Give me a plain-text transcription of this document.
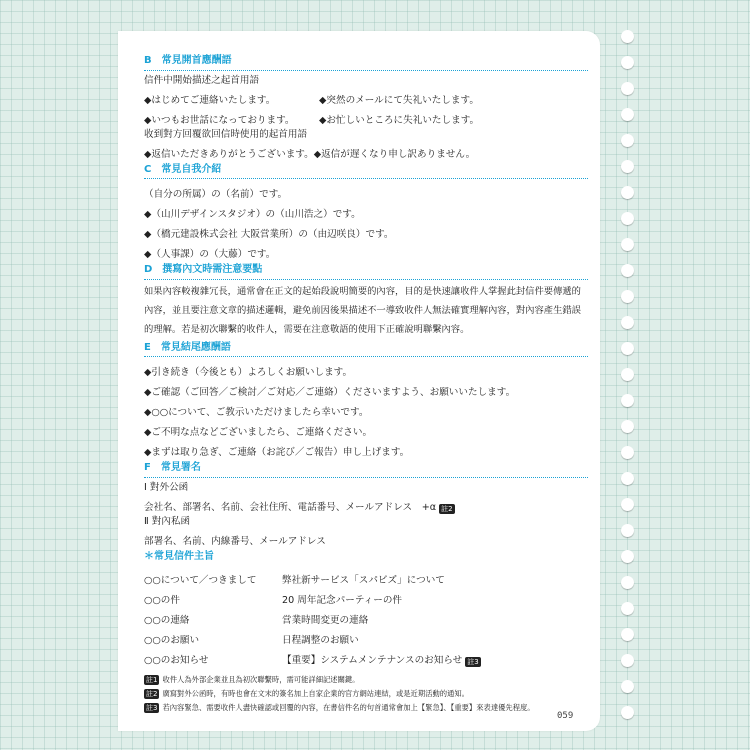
B　常見開首應酬語
信件中開始描述之起首用語
◆はじめてご連絡いたします。	◆突然のメールにて失礼いたします。
◆いつもお世話になっております。	◆お忙しいところに失礼いたします。
收到對方回覆欲回信時使用的起首用語
◆返信いただきありがとうございます。◆返信が遅くなり申し訳ありません。
C　常見自我介紹
（自分の所属）の（名前）です。
◆（山川デザインスタジオ）の（山川浩之）です。
◆（橋元建設株式会社 大阪営業所）の（由辺咲良）です。
◆（人事課）の（大藤）です。
D　撰寫內文時需注意要點
如果內容較複雜冗長，通常會在正文的起始段說明簡要的內容，目的是快速讓收件人掌握此封信件要傳遞的內容，並且要注意文章的描述邏輯，避免前因後果描述不一導致收件人無法確實理解內容，對內容產生錯誤的理解。若是初次聯繫的收件人，需要在注意敬語的使用下正確說明聯繫內容。
E　常見結尾應酬語
◆引き続き（今後とも）よろしくお願いします。
◆ご確認（ご回答／ご検討／ご対応／ご連絡）くださいますよう、お願いいたします。
◆○○について、ご教示いただけましたら幸いです。
◆ご不明な点などございましたら、ご連絡ください。
◆まずは取り急ぎ、ご連絡（お詫び／ご報告）申し上げます。
F　常見署名
Ⅰ 對外公函
会社名、部署名、名前、会社住所、電話番号、メールアドレス　+α 註2
Ⅱ 對內私函
部署名、名前、内線番号、メールアドレス
＊常見信件主旨
○○について／つきまして	弊社新サービス「スパビズ」について
○○の件	20 周年記念パーティーの件
○○の連絡	営業時間変更の連絡
○○のお願い	日程調整のお願い
○○のお知らせ	【重要】システムメンテナンスのお知らせ 註3
註1 收件人為外部企業並且為初次聯繫時，需可能詳細記述關鍵。
註2 廣寫對外公函時，有時也會在文末的簽名加上自家企業的官方網站連結，或是近期活動的通知。
註3 若內容緊急、需要收件人盡快確認或回覆的內容，在書信件名的句首通常會加上【緊急】、【重要】來表達優先程度。
059
